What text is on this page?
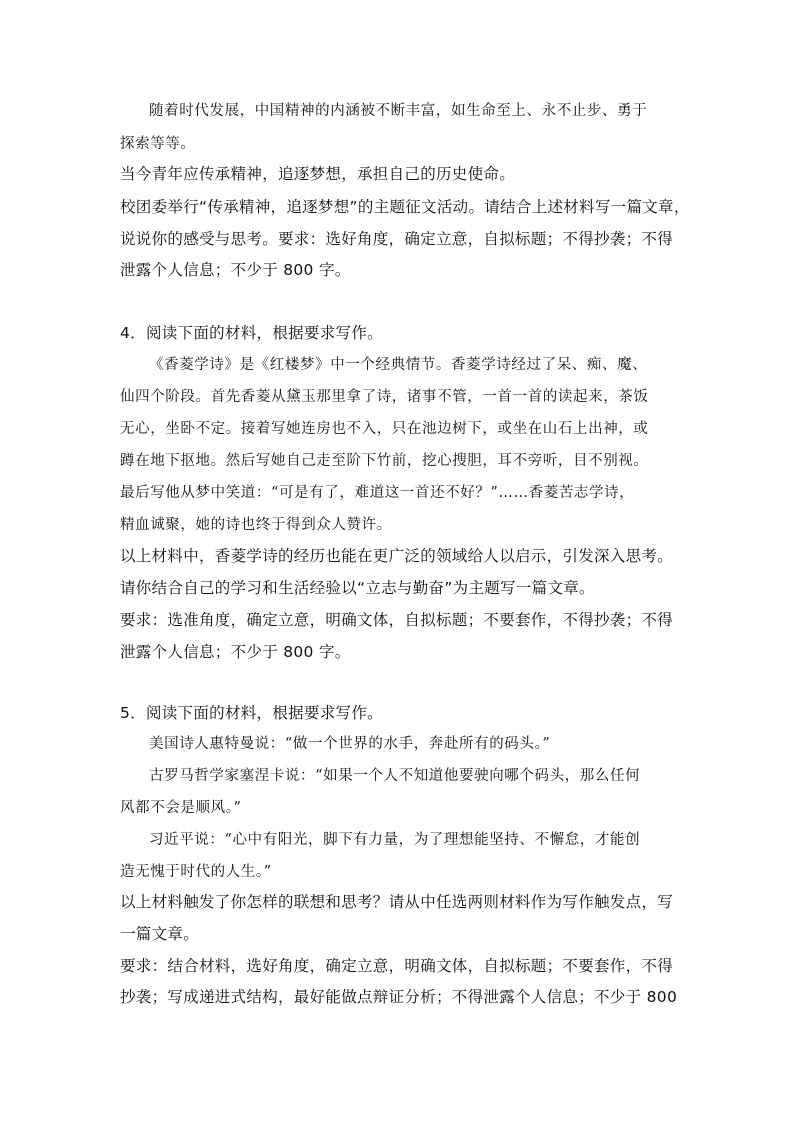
随着时代发展，中国精神的内涵被不断丰富，如生命至上、永不止步、勇于
探索等等。
当今青年应传承精神，追逐梦想，承担自己的历史使命。
校团委举行“传承精神，追逐梦想”的主题征文活动。请结合上述材料写一篇文章，
说说你的感受与思考。要求：选好角度，确定立意，自拟标题；不得抄袭；不得
泄露个人信息；不少于 800 字。
4．阅读下面的材料，根据要求写作。
《香菱学诗》是《红楼梦》中一个经典情节。香菱学诗经过了呆、痴、魔、
仙四个阶段。首先香菱从黛玉那里拿了诗，诸事不管，一首一首的读起来，茶饭
无心，坐卧不定。接着写她连房也不入，只在池边树下，或坐在山石上出神，或
蹲在地下抠地。然后写她自己走至阶下竹前，挖心搜胆，耳不旁听，目不别视。
最后写他从梦中笑道：“可是有了，难道这一首还不好？”……香菱苦志学诗，
精血诚聚，她的诗也终于得到众人赞许。
以上材料中，香菱学诗的经历也能在更广泛的领域给人以启示，引发深入思考。
请你结合自己的学习和生活经验以“立志与勤奋”为主题写一篇文章。
要求：选准角度，确定立意，明确文体，自拟标题；不要套作，不得抄袭；不得
泄露个人信息；不少于 800 字。
5．阅读下面的材料，根据要求写作。
美国诗人惠特曼说：“做一个世界的水手，奔赴所有的码头。”
古罗马哲学家塞涅卡说：“如果一个人不知道他要驶向哪个码头，那么任何
风都不会是顺风。”
习近平说：“心中有阳光，脚下有力量，为了理想能坚持、不懈怠，才能创
造无愧于时代的人生。”
以上材料触发了你怎样的联想和思考？请从中任选两则材料作为写作触发点，写
一篇文章。
要求：结合材料，选好角度，确定立意，明确文体，自拟标题；不要套作，不得
抄袭；写成递进式结构，最好能做点辩证分析；不得泄露个人信息；不少于 800
